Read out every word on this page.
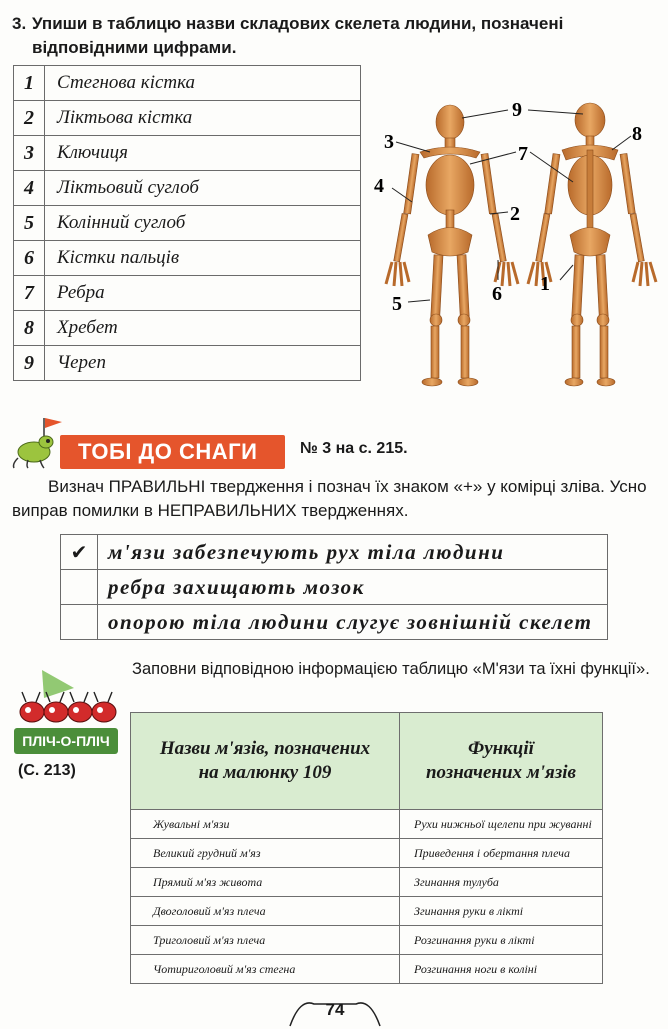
3. Упиши в таблицю назви складових скелета людини, позначені відповідними цифрами.
1	Стегнова кістка
2	Ліктьова кістка
3	Ключиця
4	Ліктьовий суглоб
5	Колінний суглоб
6	Кістки пальців
7	Ребра
8	Хребет
9	Череп
9
3
7
8
4
2
6 1
5
ТОБІ ДО СНАГИ	№ 3 на с. 215.
Визнач ПРАВИЛЬНІ твердження і познач їх знаком «+» у комірці зліва. Усно виправ помилки в НЕПРАВИЛЬНИХ твердженнях.
✔	м'язи забезпечують рух тіла людини
	ребра захищають мозок
	опорою тіла людини слугує зовнішній скелет
ПЛІЧ-О-ПЛІЧ
(С. 213)
Заповни відповідною інформацією таблицю «М'язи та їхні функції».
Назви м'язів, позначених на малюнку 109	Функції позначених м'язів
Жувальні м'язи	Рухи нижньої щелепи при жуванні
Великий грудний м'яз	Приведення і обертання плеча
Прямий м'яз живота	Згинання тулуба
Двоголовий м'яз плеча	Згинання руки в лікті
Триголовий м'яз плеча	Розгинання руки в лікті
Чотириголовий м'яз стегна	Розгинання ноги в коліні
74
